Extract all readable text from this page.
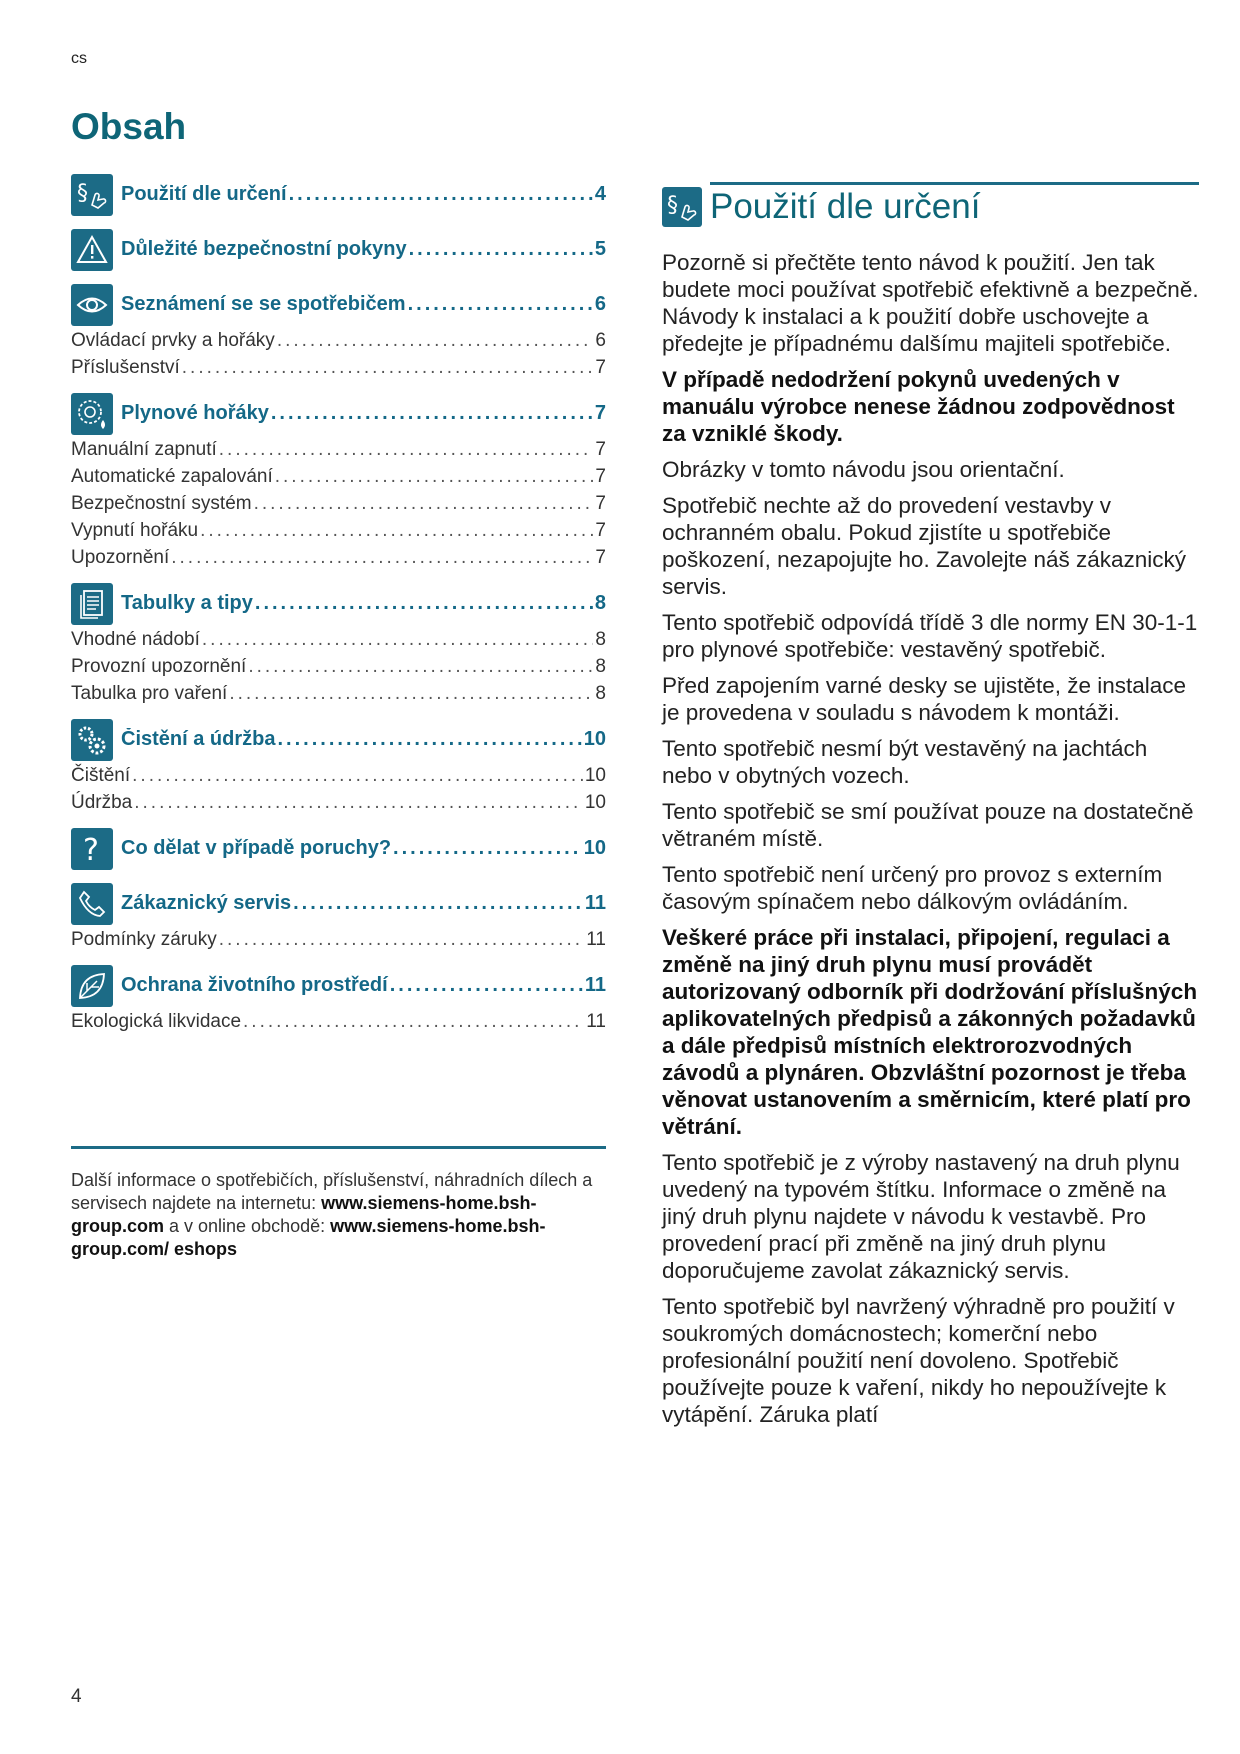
cs
Obsah
§ Použití dle určení .....	4
Důležité bezpečnostní pokyny .....	5
Seznámení se se spotřebičem .....	6
Ovládací prvky a hořáky .....	6
Příslušenství .....	7
Plynové hořáky .....	7
Manuální zapnutí .....	7
Automatické zapalování .....	7
Bezpečnostní systém .....	7
Vypnutí hořáku .....	7
Upozornění .....	7
Tabulky a tipy .....	8
Vhodné nádobí .....	8
Provozní upozornění .....	8
Tabulka pro vaření .....	8
Čistění a údržba .....	10
Čištění .....	10
Údržba .....	10
? Co dělat v případě poruchy? .....	10
Zákaznický servis .....	11
Podmínky záruky .....	11
Ochrana životního prostředí .....	11
Ekologická likvidace .....	11
Další informace o spotřebičích, příslušenství, náhradních dílech a servisech najdete na internetu: www.siemens-home.bsh-group.com a v online obchodě: www.siemens-home.bsh-group.com/ eshops
§ Použití dle určení

Pozorně si přečtěte tento návod k použití. Jen tak budete moci používat spotřebič efektivně a bezpečně. Návody k instalaci a k použití dobře uschovejte a předejte je případnému dalšímu majiteli spotřebiče.

V případě nedodržení pokynů uvedených v manuálu výrobce nenese žádnou zodpovědnost za vzniklé škody.

Obrázky v tomto návodu jsou orientační.

Spotřebič nechte až do provedení vestavby v ochranném obalu. Pokud zjistíte u spotřebiče poškození, nezapojujte ho. Zavolejte náš zákaznický servis.

Tento spotřebič odpovídá třídě 3 dle normy EN 30-1-1 pro plynové spotřebiče: vestavěný spotřebič.

Před zapojením varné desky se ujistěte, že instalace je provedena v souladu s návodem k montáži.

Tento spotřebič nesmí být vestavěný na jachtách nebo v obytných vozech.

Tento spotřebič se smí používat pouze na dostatečně větraném místě.

Tento spotřebič není určený pro provoz s externím časovým spínačem nebo dálkovým ovládáním.

Veškeré práce při instalaci, připojení, regulaci a změně na jiný druh plynu musí provádět autorizovaný odborník při dodržování příslušných aplikovatelných předpisů a zákonných požadavků a dále předpisů místních elektrorozvodných závodů a plynáren. Obzvláštní pozornost je třeba věnovat ustanovením a směrnicím, které platí pro větrání.

Tento spotřebič je z výroby nastavený na druh plynu uvedený na typovém štítku. Informace o změně na jiný druh plynu najdete v návodu k vestavbě. Pro provedení prací při změně na jiný druh plynu doporučujeme zavolat zákaznický servis.

Tento spotřebič byl navržený výhradně pro použití v soukromých domácnostech; komerční nebo profesionální použití není dovoleno. Spotřebič používejte pouze k vaření, nikdy ho nepoužívejte k vytápění. Záruka platí

4
